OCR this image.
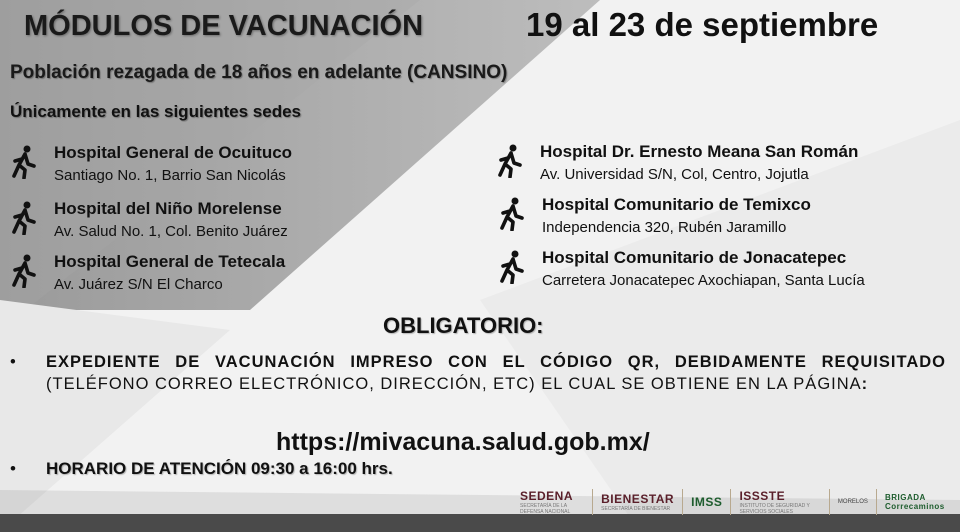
MÓDULOS DE VACUNACIÓN	19 al 23 de septiembre
Población rezagada de 18 años en adelante (CANSINO)
Únicamente en las siguientes sedes
Hospital General de Ocuituco
Santiago No. 1, Barrio San Nicolás
Hospital del Niño Morelense
Av. Salud No. 1, Col. Benito Juárez
Hospital General de Tetecala
Av. Juárez S/N El Charco
Hospital Dr. Ernesto Meana San Román
Av. Universidad S/N, Col, Centro, Jojutla
Hospital Comunitario de Temixco
Independencia 320, Rubén Jaramillo
Hospital Comunitario de Jonacatepec
Carretera Jonacatepec Axochiapan, Santa Lucía
OBLIGATORIO:
• EXPEDIENTE DE VACUNACIÓN IMPRESO CON EL CÓDIGO QR, DEBIDAMENTE REQUISITADO (TELÉFONO CORREO ELECTRÓNICO, DIRECCIÓN, ETC) EL CUAL SE OBTIENE EN LA PÁGINA:
https://mivacuna.salud.gob.mx/
• HORARIO DE ATENCIÓN 09:30 a 16:00 hrs.
SEDENA
SECRETARÍA DE LA DEFENSA NACIONAL
BIENESTAR
SECRETARÍA DE BIENESTAR	IMSS ISSSTE
INSTITUTO DE SEGURIDAD Y SERVICIOS SOCIALES
MORELOS BRIGADA Correcaminos
